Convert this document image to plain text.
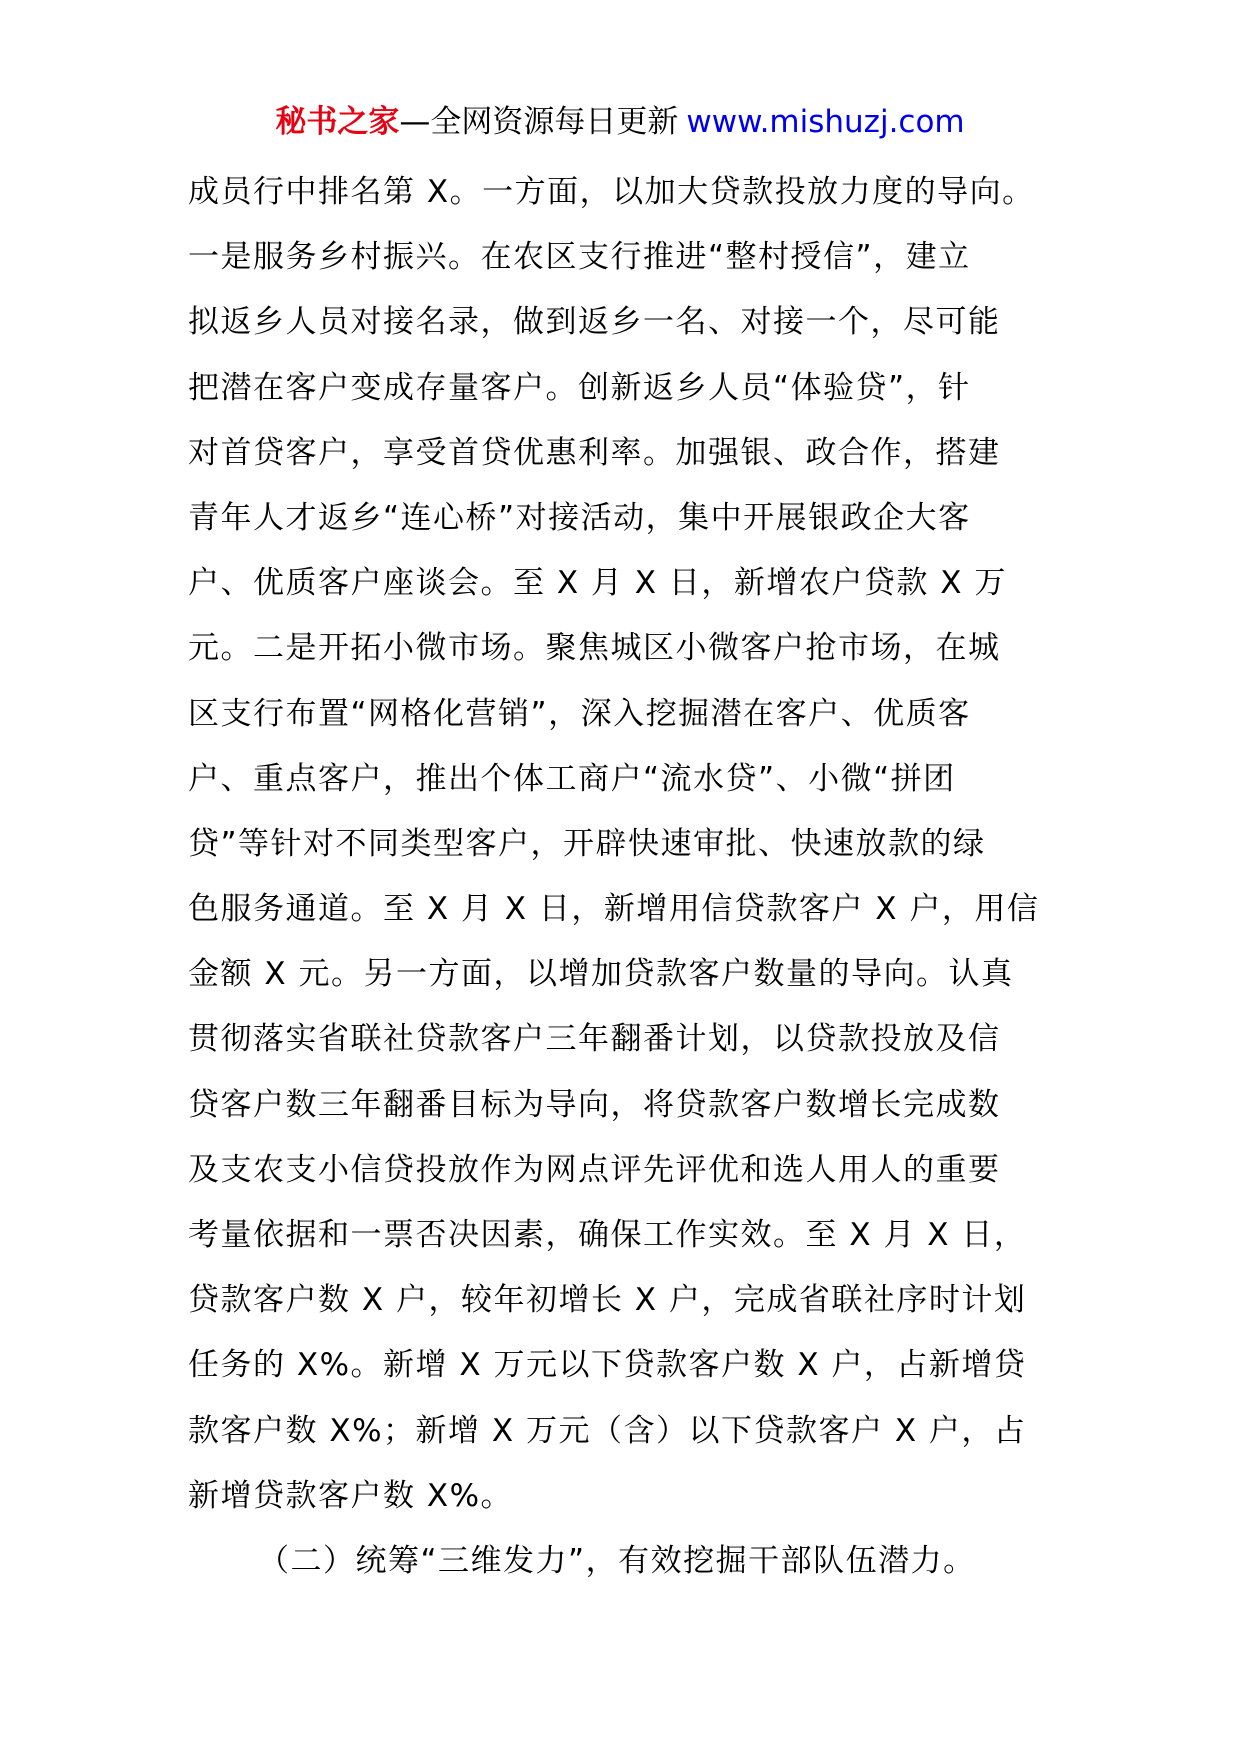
秘书之家—全网资源每日更新 www.mishuzj.com
成员行中排名第 X。一方面，以加大贷款投放力度的导向。
一是服务乡村振兴。在农区支行推进“整村授信”，建立
拟返乡人员对接名录，做到返乡一名、对接一个，尽可能
把潜在客户变成存量客户。创新返乡人员“体验贷”，针
对首贷客户，享受首贷优惠利率。加强银、政合作，搭建
青年人才返乡“连心桥”对接活动，集中开展银政企大客
户、优质客户座谈会。至 X 月 X 日，新增农户贷款 X 万
元。二是开拓小微市场。聚焦城区小微客户抢市场，在城
区支行布置“网格化营销”，深入挖掘潜在客户、优质客
户、重点客户，推出个体工商户“流水贷”、小微“拼团
贷”等针对不同类型客户，开辟快速审批、快速放款的绿
色服务通道。至 X 月 X 日，新增用信贷款客户 X 户，用信
金额 X 元。另一方面，以增加贷款客户数量的导向。认真
贯彻落实省联社贷款客户三年翻番计划，以贷款投放及信
贷客户数三年翻番目标为导向，将贷款客户数增长完成数
及支农支小信贷投放作为网点评先评优和选人用人的重要
考量依据和一票否决因素，确保工作实效。至 X 月 X 日，
贷款客户数 X 户，较年初增长 X 户，完成省联社序时计划
任务的 X%。新增 X 万元以下贷款客户数 X 户，占新增贷
款客户数 X%；新增 X 万元（含）以下贷款客户 X 户，占
新增贷款客户数 X%。
（二）统筹“三维发力”，有效挖掘干部队伍潜力。
